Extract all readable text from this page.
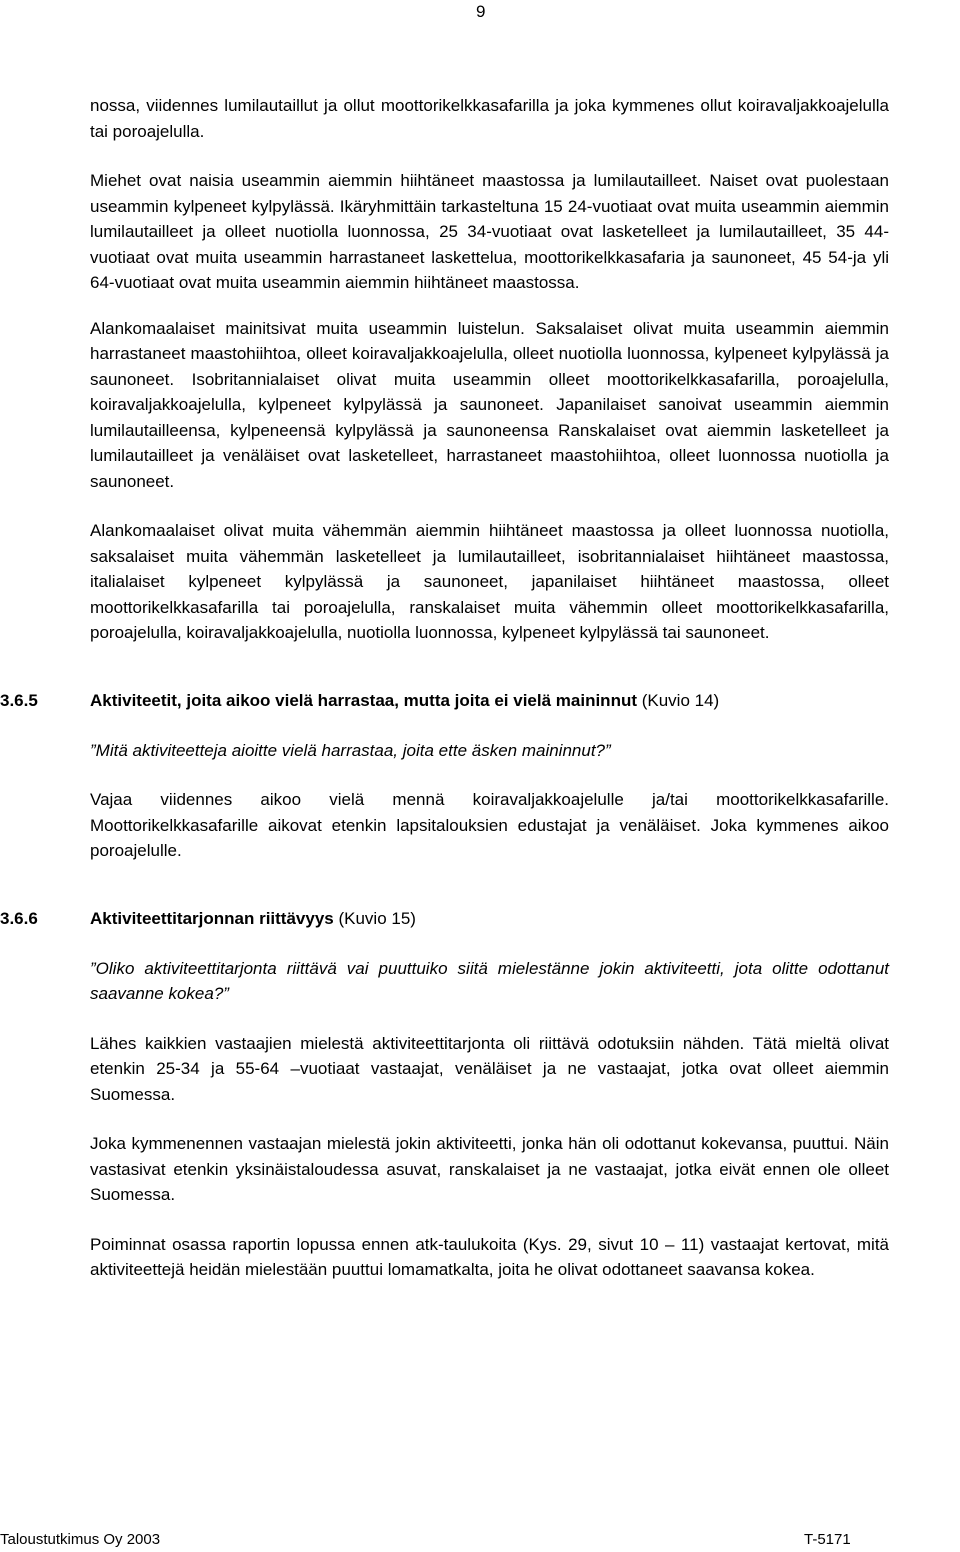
9

nossa, viidennes lumilautaillut ja ollut moottorikelkkasafarilla ja joka kymmenes ollut koiravaljakkoajelulla tai poroajelulla.

Miehet ovat naisia useammin aiemmin hiihtäneet maastossa ja lumilautailleet. Naiset ovat puolestaan useammin kylpeneet kylpylässä. Ikäryhmittäin tarkasteltuna 15 24-vuotiaat ovat muita useammin aiemmin lumilautailleet ja olleet nuotiolla luonnossa, 25 34-vuotiaat ovat lasketelleet ja lumilautailleet, 35 44-vuotiaat ovat muita useammin harrastaneet laskettelua, moottorikelkkasafaria ja saunoneet, 45 54-ja yli 64-vuotiaat ovat muita useammin aiemmin hiihtäneet maastossa.

Alankomaalaiset mainitsivat muita useammin luistelun. Saksalaiset olivat muita useammin aiemmin harrastaneet maastohiihtoa, olleet koiravaljakkoajelulla, olleet nuotiolla luonnossa, kylpeneet kylpylässä ja saunoneet. Isobritannialaiset olivat muita useammin olleet moottorikelkkasafarilla, poroajelulla, koiravaljakkoajelulla, kylpeneet kylpylässä ja saunoneet. Japanilaiset sanoivat useammin aiemmin lumilautailleensa, kylpeneensä kylpylässä ja saunoneensa Ranskalaiset ovat aiemmin lasketelleet ja lumilautailleet ja venäläiset ovat lasketelleet, harrastaneet maastohiihtoa, olleet luonnossa nuotiolla ja saunoneet.

Alankomaalaiset olivat muita vähemmän aiemmin hiihtäneet maastossa ja olleet luonnossa nuotiolla, saksalaiset muita vähemmän lasketelleet ja lumilautailleet, isobritannialaiset hiihtäneet maastossa, italialaiset kylpeneet kylpylässä ja saunoneet, japanilaiset hiihtäneet maastossa, olleet moottorikelkkasafarilla tai poroajelulla, ranskalaiset muita vähemmin olleet moottorikelkkasafarilla, poroajelulla, koiravaljakkoajelulla, nuotiolla luonnossa, kylpeneet kylpylässä tai saunoneet.

3.6.5	Aktiviteetit, joita aikoo vielä harrastaa, mutta joita ei vielä maininnut (Kuvio 14)

”Mitä aktiviteetteja aioitte vielä harrastaa, joita ette äsken maininnut?”

Vajaa viidennes aikoo vielä mennä koiravaljakkoajelulle ja/tai moottorikelkkasafarille. Moottorikelkkasafarille aikovat etenkin lapsitalouksien edustajat ja venäläiset. Joka kymmenes aikoo poroajelulle.

3.6.6	Aktiviteettitarjonnan riittävyys (Kuvio 15)

”Oliko aktiviteettitarjonta riittävä vai puuttuiko siitä mielestänne jokin aktiviteetti, jota olitte odottanut saavanne kokea?”

Lähes kaikkien vastaajien mielestä aktiviteettitarjonta oli riittävä odotuksiin nähden. Tätä mieltä olivat etenkin 25-34 ja 55-64 –vuotiaat vastaajat, venäläiset ja ne vastaajat, jotka ovat olleet aiemmin Suomessa.

Joka kymmenennen vastaajan mielestä jokin aktiviteetti, jonka hän oli odottanut kokevansa, puuttui. Näin vastasivat etenkin yksinäistaloudessa asuvat, ranskalaiset ja ne vastaajat, jotka eivät ennen ole olleet Suomessa.

Poiminnat osassa raportin lopussa ennen atk-taulukoita (Kys. 29, sivut 10 – 11) vastaajat kertovat, mitä aktiviteettejä heidän mielestään puuttui lomamatkalta, joita he olivat odottaneet saavansa kokea.

Taloustutkimus Oy 2003	T-5171
